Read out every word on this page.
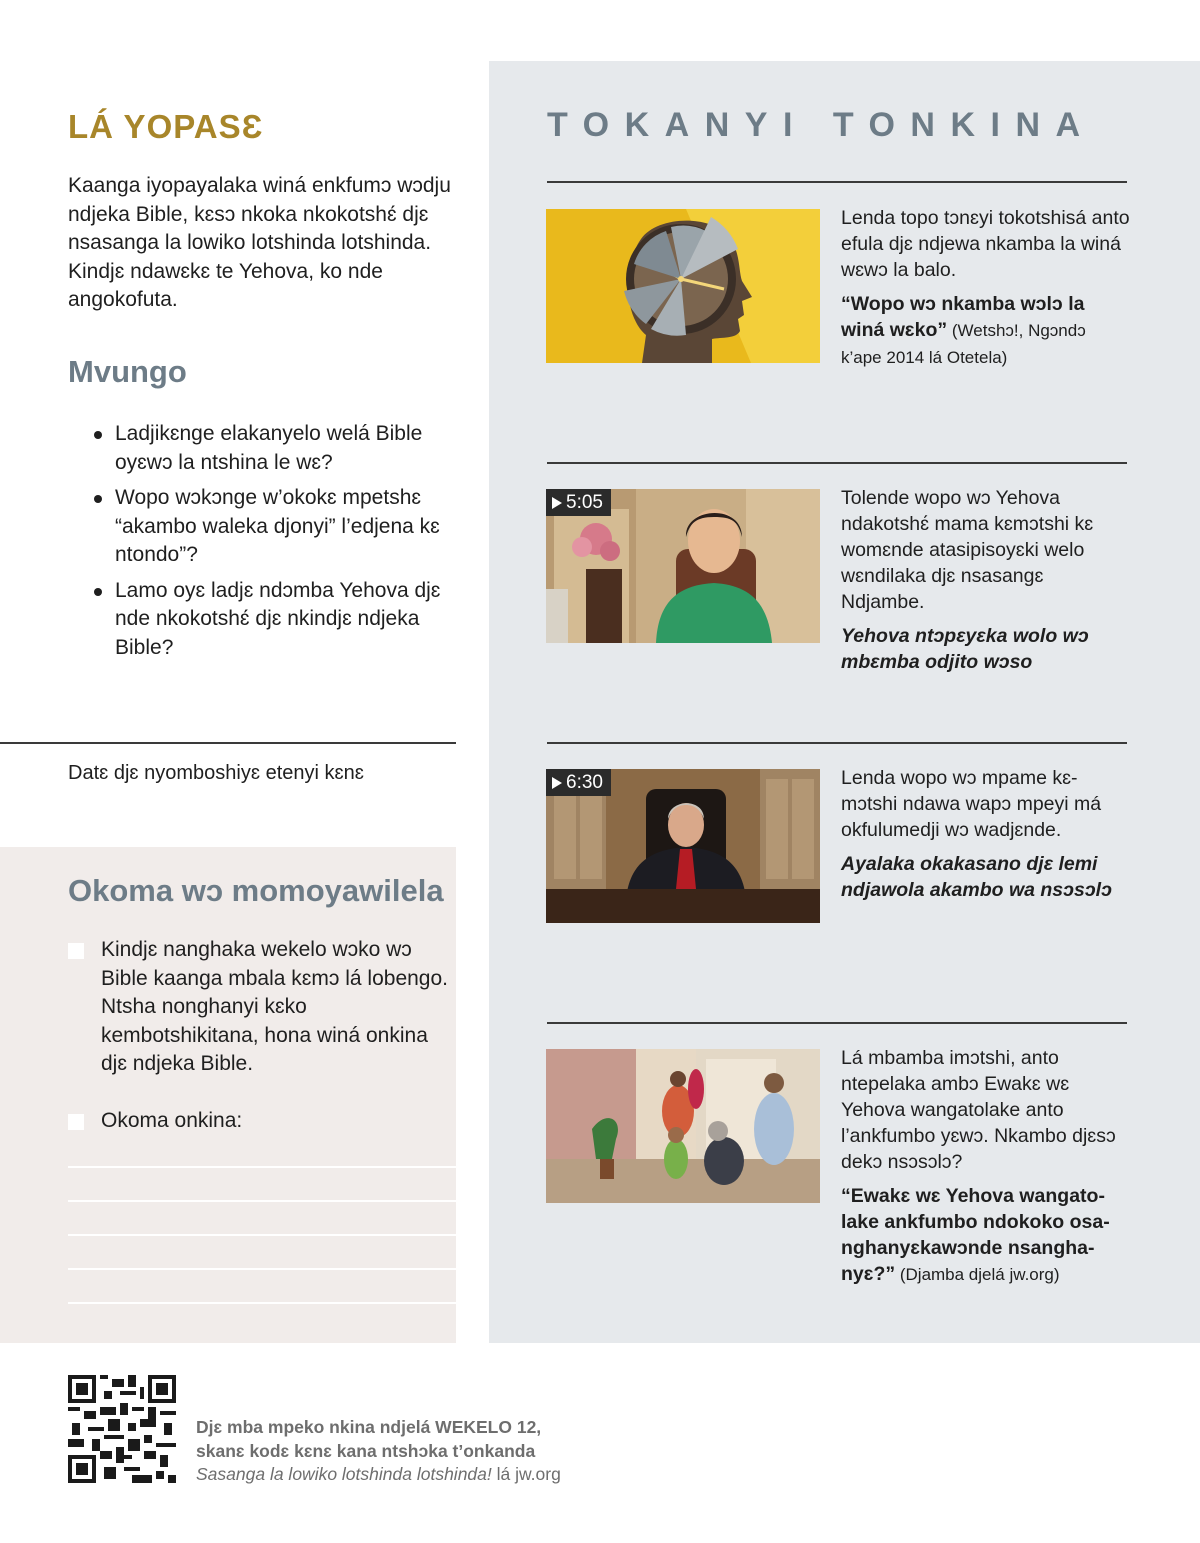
TOKANYI TONKINA
Lenda topo tɔnɛyi tokotshisá anto efula djɛ ndjewa nkamba la winá wɛwɔ la balo.
“Wopo wɔ nkamba wɔlɔ la winá wɛko” (Wetshɔ!, Ngɔndɔ k’ape 2014 lá Otetela)
5:05	Tolende wopo wɔ Yehova ndakotshɛ́ mama kɛmɔtshi kɛ womɛnde atasipisoyɛki welo wɛndilaka djɛ nsasangɛ Ndjambe.
Yehova ntɔpɛyɛka wolo wɔ mbɛmba odjito wɔso
6:30	Lenda wopo wɔ mpame kɛ-mɔtshi ndawa wapɔ mpeyi má okfulumedji wɔ wadjɛnde.
Ayalaka okakasano djɛ lemi ndjawola akambo wa nsɔsɔlɔ
Lá mbamba imɔtshi, anto ntepelaka ambɔ Ewakɛ wɛ Yehova wangatolake anto l’ankfumbo yɛwɔ. Nkambo djɛsɔ dekɔ nsɔsɔlɔ?
“Ewakɛ wɛ Yehova wangato-lake ankfumbo ndokoko osa-nghanyɛkawɔnde nsangha-nyɛ?” (Djamba djelá jw.org)
LÁ YOPASƐ
Kaanga iyopayalaka winá enkfumɔ wɔdju ndjeka Bible, kɛsɔ nkoka nkokotshɛ́ djɛ nsasanga la lowiko lotshinda lotshinda. Kindjɛ ndawɛkɛ te Yehova, ko nde angokofuta.
Mvungo
Ladjikɛnge elakanyelo welá Bible oyɛwɔ la ntshina le wɛ?
Wopo wɔkɔnge w’okokɛ mpetshɛ “akambo waleka djonyi” l’edjena kɛ ntondo”?
Lamo oyɛ ladjɛ ndɔmba Yehova djɛ nde nkokotshɛ́ djɛ nkindjɛ ndjeka Bible?
Datɛ djɛ nyomboshiyɛ etenyi kɛnɛ
Okoma wɔ momoyawilela
Kindjɛ nanghaka wekelo wɔko wɔ Bible kaanga mbala kɛmɔ lá lobengo. Ntsha nonghanyi kɛko kembotshikitana, hona winá onkina djɛ ndjeka Bible.
Okoma onkina:
Djɛ mba mpeko nkina ndjelá WEKELO 12,
skanɛ kodɛ kɛnɛ kana ntshɔka t’onkanda
Sasanga la lowiko lotshinda lotshinda! lá jw.org
